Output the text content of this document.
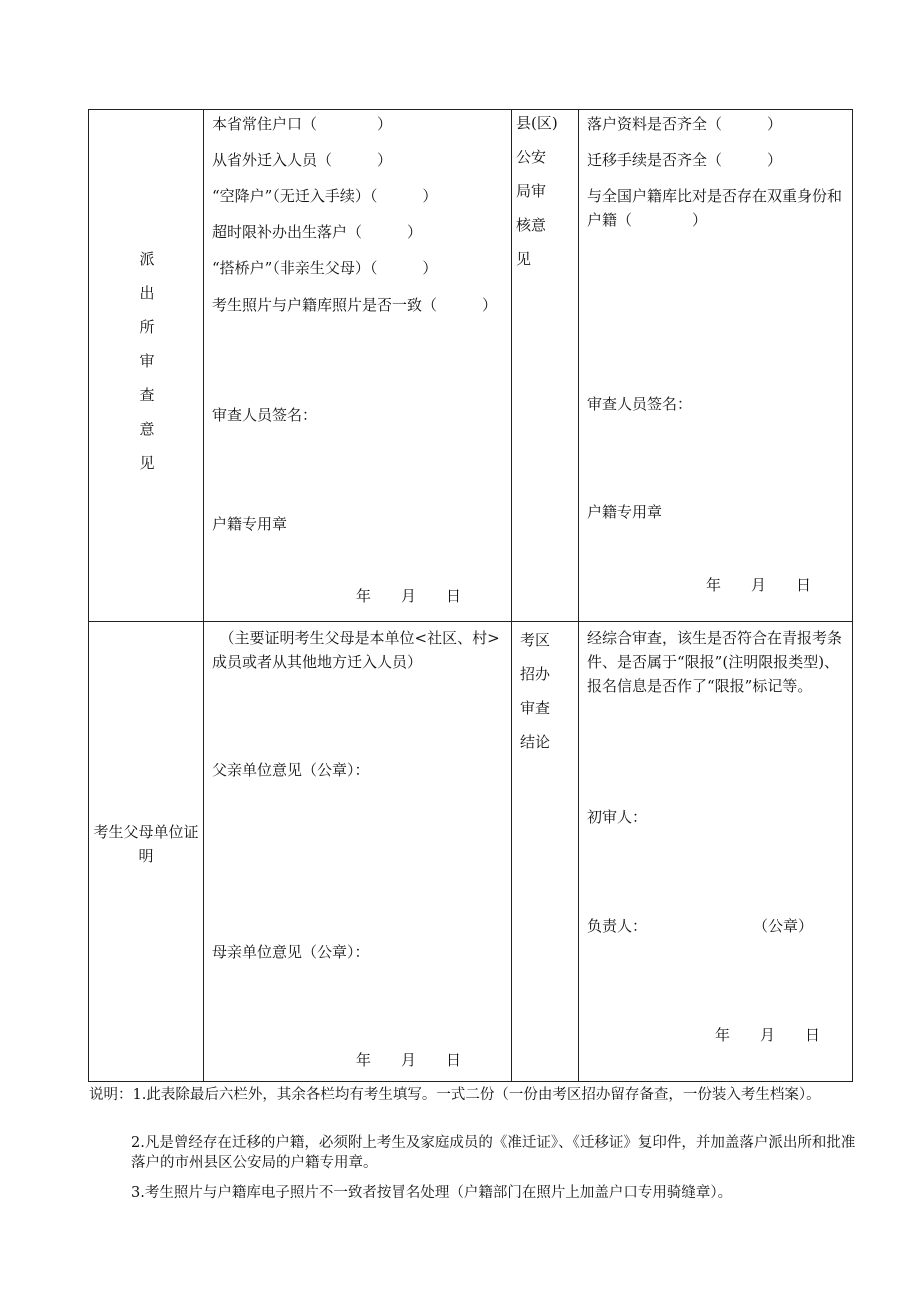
派
出
所
审
查
意
见
本省常住户口（　　　　）
从省外迁入人员（　　　）
“空降户”（无迁入手续）（　　　）
超时限补办出生落户（　　　）
“搭桥户”（非亲生父母）（　　　）
考生照片与户籍库照片是否一致（　　　）
审查人员签名：
户籍专用章
年　　月　　日
县(区)
公安
局审
核意
见
落户资料是否齐全（　　　）
迁移手续是否齐全（　　　）
与全国户籍库比对是否存在双重身份和户籍（　　　　）
审查人员签名：
户籍专用章
年　　月　　日
考生父母单位证明
（主要证明考生父母是本单位<社区、村>成员或者从其他地方迁入人员）
父亲单位意见（公章）：
母亲单位意见（公章）：
年　　月　　日
考区
招办
审查
结论
经综合审查，该生是否符合在青报考条件、是否属于“限报”(注明限报类型)、报名信息是否作了“限报”标记等。
初审人：
负责人：	（公章）
年　　月　　日
说明：1.此表除最后六栏外，其余各栏均有考生填写。一式二份（一份由考区招办留存备查，一份装入考生档案）。
2.凡是曾经存在迁移的户籍，必须附上考生及家庭成员的《准迁证》、《迁移证》复印件，并加盖落户派出所和批准落户的市州县区公安局的户籍专用章。
3.考生照片与户籍库电子照片不一致者按冒名处理（户籍部门在照片上加盖户口专用骑缝章）。
